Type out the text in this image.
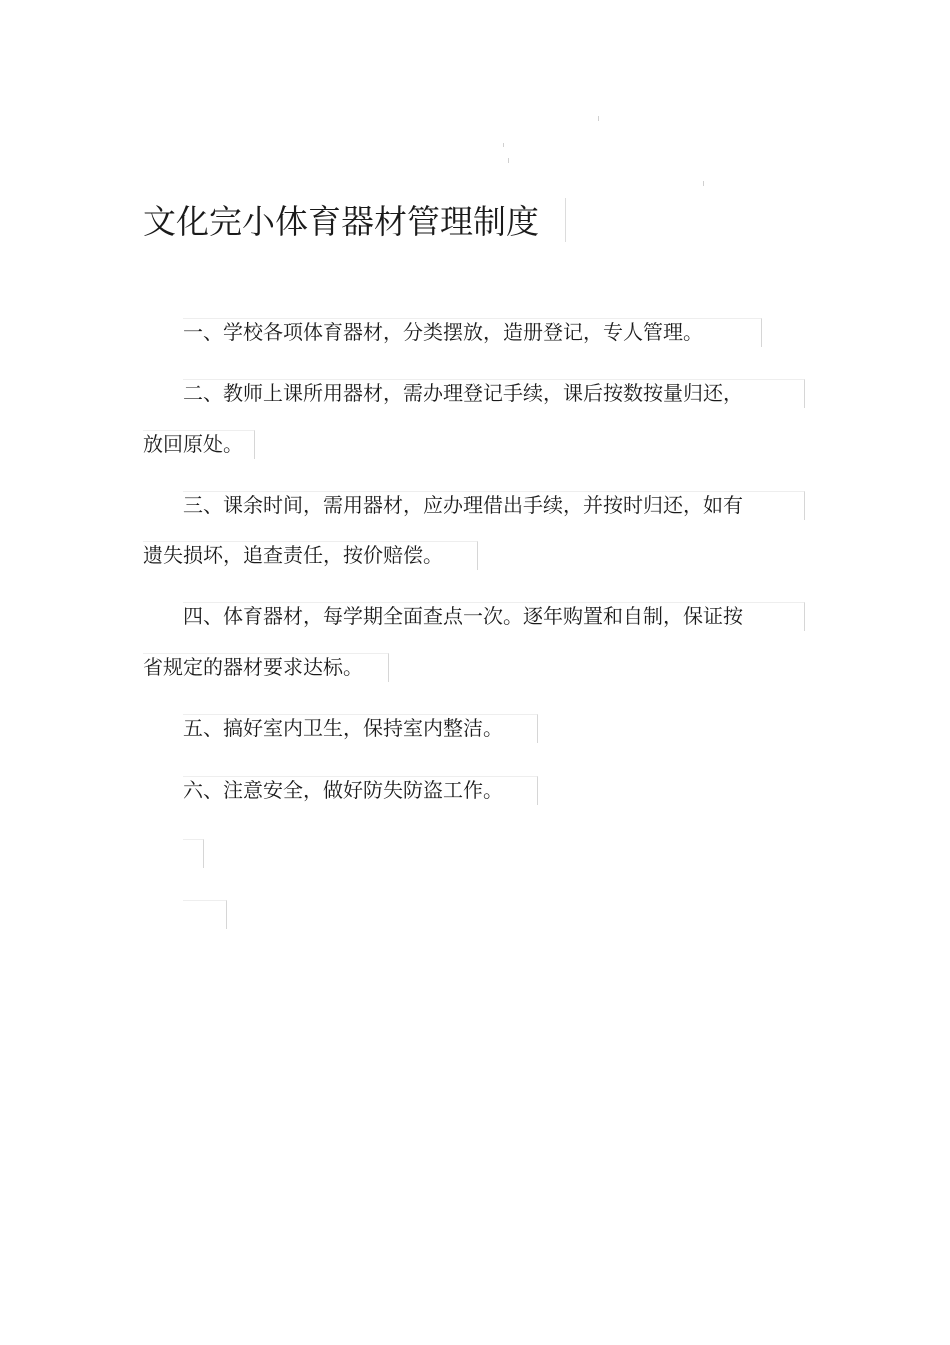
文化完小体育器材管理制度
一、学校各项体育器材，分类摆放，造册登记，专人管理。
二、教师上课所用器材，需办理登记手续，课后按数按量归还，
放回原处。
三、课余时间，需用器材，应办理借出手续，并按时归还，如有
遗失损坏，追查责任，按价赔偿。
四、体育器材，每学期全面查点一次。逐年购置和自制，保证按
省规定的器材要求达标。
五、搞好室内卫生，保持室内整洁。
六、注意安全，做好防失防盗工作。
